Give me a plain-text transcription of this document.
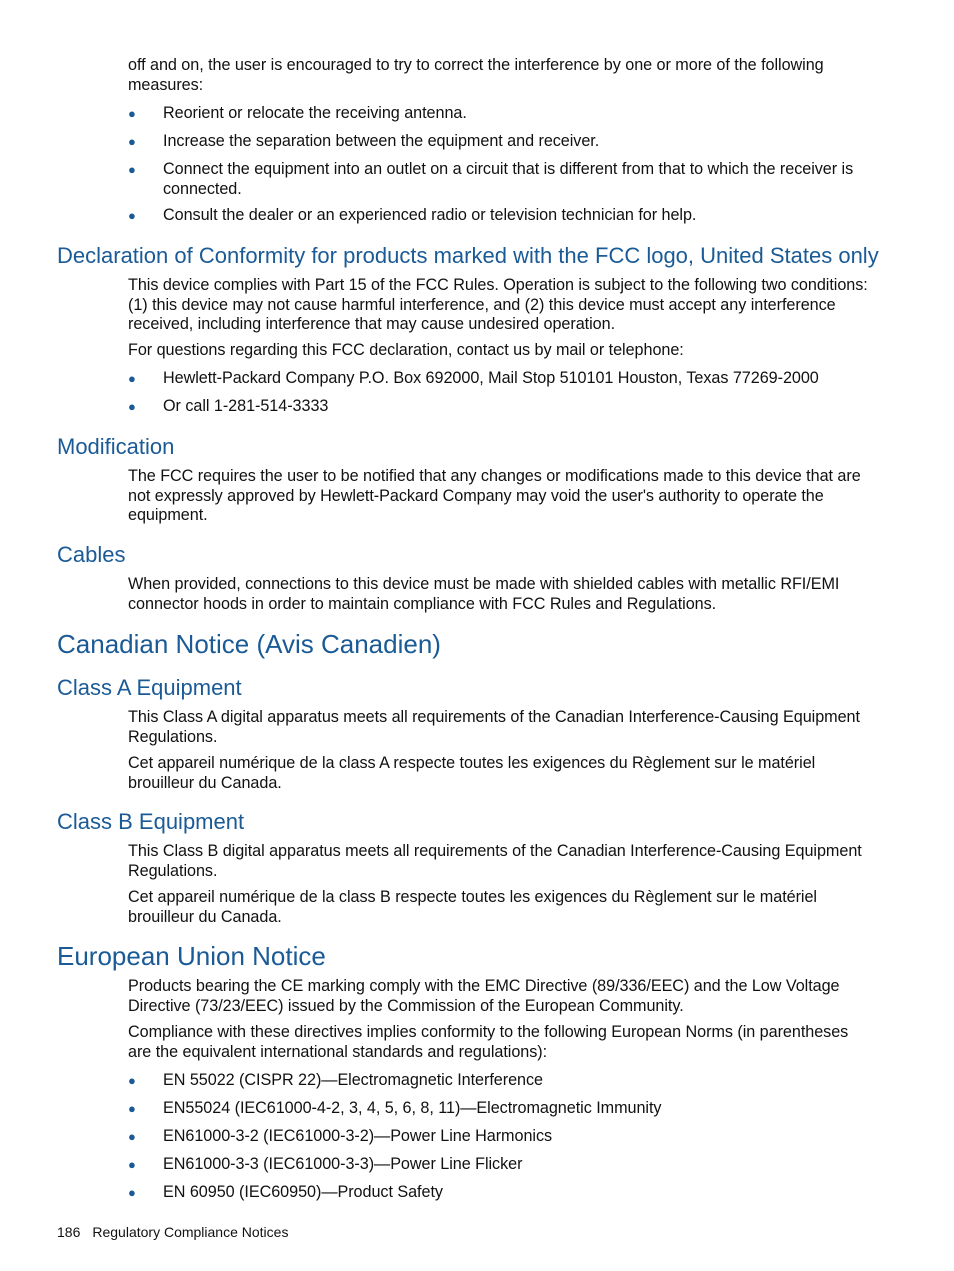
off and on, the user is encouraged to try to correct the interference by one or more of the following measures:

● Reorient or relocate the receiving antenna.
● Increase the separation between the equipment and receiver.
● Connect the equipment into an outlet on a circuit that is different from that to which the receiver is connected.
● Consult the dealer or an experienced radio or television technician for help.
Declaration of Conformity for products marked with the FCC logo, United States only

This device complies with Part 15 of the FCC Rules. Operation is subject to the following two conditions: (1) this device may not cause harmful interference, and (2) this device must accept any interference received, including interference that may cause undesired operation.

For questions regarding this FCC declaration, contact us by mail or telephone:

● Hewlett-Packard Company P.O. Box 692000, Mail Stop 510101 Houston, Texas 77269-2000
● Or call 1-281-514-3333
Modification

The FCC requires the user to be notified that any changes or modifications made to this device that are not expressly approved by Hewlett-Packard Company may void the user's authority to operate the equipment.

Cables

When provided, connections to this device must be made with shielded cables with metallic RFI/EMI connector hoods in order to maintain compliance with FCC Rules and Regulations.

Canadian Notice (Avis Canadien)
Class A Equipment

This Class A digital apparatus meets all requirements of the Canadian Interference-Causing Equipment Regulations.

Cet appareil numérique de la class A respecte toutes les exigences du Règlement sur le matériel brouilleur du Canada.

Class B Equipment

This Class B digital apparatus meets all requirements of the Canadian Interference-Causing Equipment Regulations.

Cet appareil numérique de la class B respecte toutes les exigences du Règlement sur le matériel brouilleur du Canada.

European Union Notice

Products bearing the CE marking comply with the EMC Directive (89/336/EEC) and the Low Voltage Directive (73/23/EEC) issued by the Commission of the European Community.

Compliance with these directives implies conformity to the following European Norms (in parentheses are the equivalent international standards and regulations):

● EN 55022 (CISPR 22)—Electromagnetic Interference
● EN55024 (IEC61000-4-2, 3, 4, 5, 6, 8, 11)—Electromagnetic Immunity
● EN61000-3-2 (IEC61000-3-2)—Power Line Harmonics
● EN61000-3-3 (IEC61000-3-3)—Power Line Flicker
● EN 60950 (IEC60950)—Product Safety
186 Regulatory Compliance Notices
